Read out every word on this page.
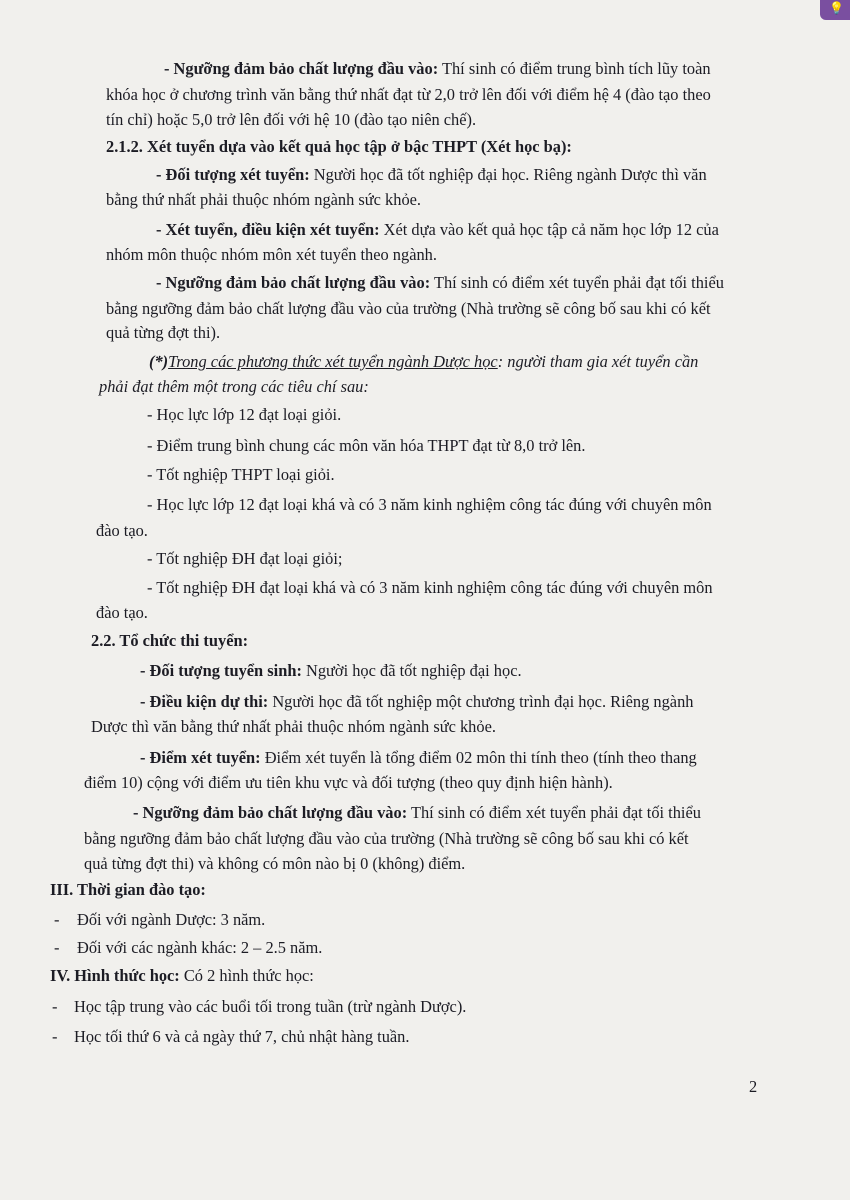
💡
- Ngưỡng đảm bảo chất lượng đầu vào: Thí sinh có điểm trung bình tích lũy toàn
khóa học ở chương trình văn bằng thứ nhất đạt từ 2,0 trở lên đối với điểm hệ 4 (đào tạo theo
tín chỉ) hoặc 5,0 trở lên đối với hệ 10 (đào tạo niên chế).
2.1.2. Xét tuyển dựa vào kết quả học tập ở bậc THPT (Xét học bạ):
- Đối tượng xét tuyển: Người học đã tốt nghiệp đại học. Riêng ngành Dược thì văn
bằng thứ nhất phải thuộc nhóm ngành sức khỏe.
- Xét tuyển, điều kiện xét tuyển: Xét dựa vào kết quả học tập cả năm học lớp 12 của
nhóm môn thuộc nhóm môn xét tuyển theo ngành.
- Ngưỡng đảm bảo chất lượng đầu vào: Thí sinh có điểm xét tuyển phải đạt tối thiểu
bằng ngưỡng đảm bảo chất lượng đầu vào của trường (Nhà trường sẽ công bố sau khi có kết
quả từng đợt thi).
(*)Trong các phương thức xét tuyển ngành Dược học: người tham gia xét tuyển cần
phải đạt thêm một trong các tiêu chí sau:
- Học lực lớp 12 đạt loại giỏi.
- Điểm trung bình chung các môn văn hóa THPT đạt từ 8,0 trở lên.
- Tốt nghiệp THPT loại giỏi.
- Học lực lớp 12 đạt loại khá và có 3 năm kinh nghiệm công tác đúng với chuyên môn
đào tạo.
- Tốt nghiệp ĐH đạt loại giỏi;
- Tốt nghiệp ĐH đạt loại khá và có 3 năm kinh nghiệm công tác đúng với chuyên môn
đào tạo.
2.2. Tổ chức thi tuyển:
- Đối tượng tuyển sinh: Người học đã tốt nghiệp đại học.
- Điều kiện dự thi: Người học đã tốt nghiệp một chương trình đại học. Riêng ngành
Dược thì văn bằng thứ nhất phải thuộc nhóm ngành sức khỏe.
- Điểm xét tuyển: Điểm xét tuyển là tổng điểm 02 môn thi tính theo (tính theo thang
điểm 10) cộng với điểm ưu tiên khu vực và đối tượng (theo quy định hiện hành).
- Ngưỡng đảm bảo chất lượng đầu vào: Thí sinh có điểm xét tuyển phải đạt tối thiểu
bằng ngưỡng đảm bảo chất lượng đầu vào của trường (Nhà trường sẽ công bố sau khi có kết
quả từng đợt thi) và không có môn nào bị 0 (không) điểm.
III. Thời gian đào tạo:
- Đối với ngành Dược: 3 năm.
- Đối với các ngành khác: 2 – 2.5 năm.
IV. Hình thức học: Có 2 hình thức học:
- Học tập trung vào các buổi tối trong tuần (trừ ngành Dược).
- Học tối thứ 6 và cả ngày thứ 7, chủ nhật hàng tuần.
2
